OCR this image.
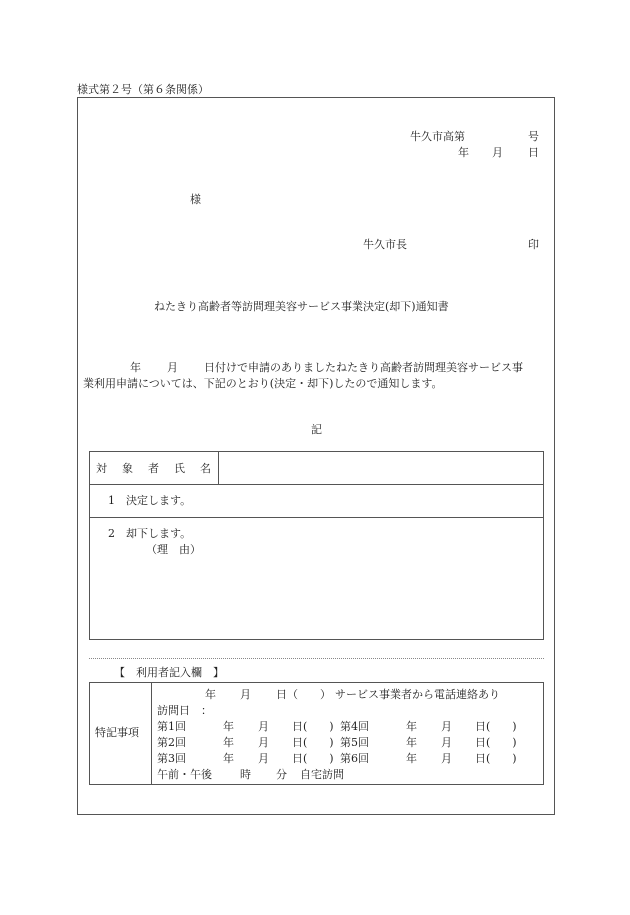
様式第２号（第６条関係）
牛久市高第	号
年 月 日
様
牛久市長	印
ねたきり高齢者等訪問理美容サービス事業決定(却下)通知書
年 月 日付けで申請のありましたねたきり高齢者訪問理美容サービス事
業利用申請については、下記のとおり(決定・却下)したので通知します。
記
対 象 者 氏 名
1　決定します。
2　却下します。
（理　由）
【　利用者記入欄　】
特記事項
年 月 日（　　） サービス事業者から電話連絡あり
訪問日　：
第1回	年 月 日(　　) 第4回	年 月 日(　　)
第2回	年 月 日(　　) 第5回	年 月 日(　　)
第3回	年 月 日(　　) 第6回	年 月 日(　　)
午前・午後	時 分 自宅訪問
